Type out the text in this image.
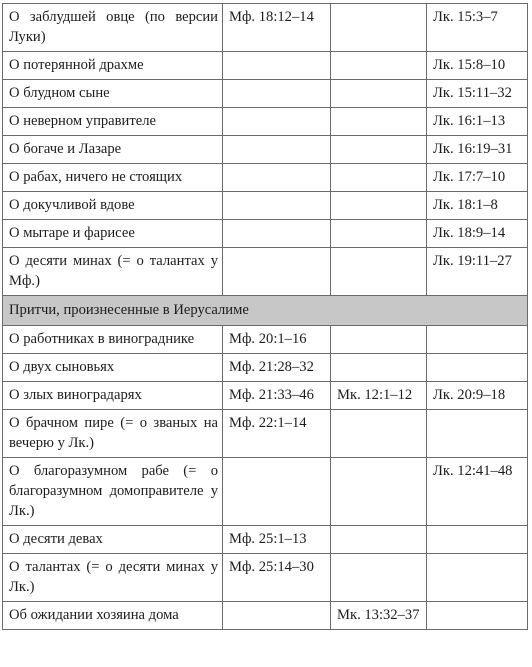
О заблудшей овце (по версии Луки)	Мф. 18:12–14		Лк. 15:3–7
О потерянной драхме			Лк. 15:8–10
О блудном сыне			Лк. 15:11–32
О неверном управителе			Лк. 16:1–13
О богаче и Лазаре			Лк. 16:19–31
О рабах, ничего не стоящих			Лк. 17:7–10
О докучливой вдове			Лк. 18:1–8
О мытаре и фарисее			Лк. 18:9–14
О десяти минах (= о талантах у Мф.)			Лк. 19:11–27
Притчи, произнесенные в Иерусалиме			
О работниках в винограднике	Мф. 20:1–16		
О двух сыновьях	Мф. 21:28–32		
О злых виноградарях	Мф. 21:33–46	Мк. 12:1–12	Лк. 20:9–18
О брачном пире (= о званых на вечерю у Лк.)	Мф. 22:1–14		
О благоразумном рабе (= о благоразумном домоправителе у Лк.)			Лк. 12:41–48
О десяти девах	Мф. 25:1–13		
О талантах (= о десяти минах у Лк.)	Мф. 25:14–30		
Об ожидании хозяина дома		Мк. 13:32–37	
